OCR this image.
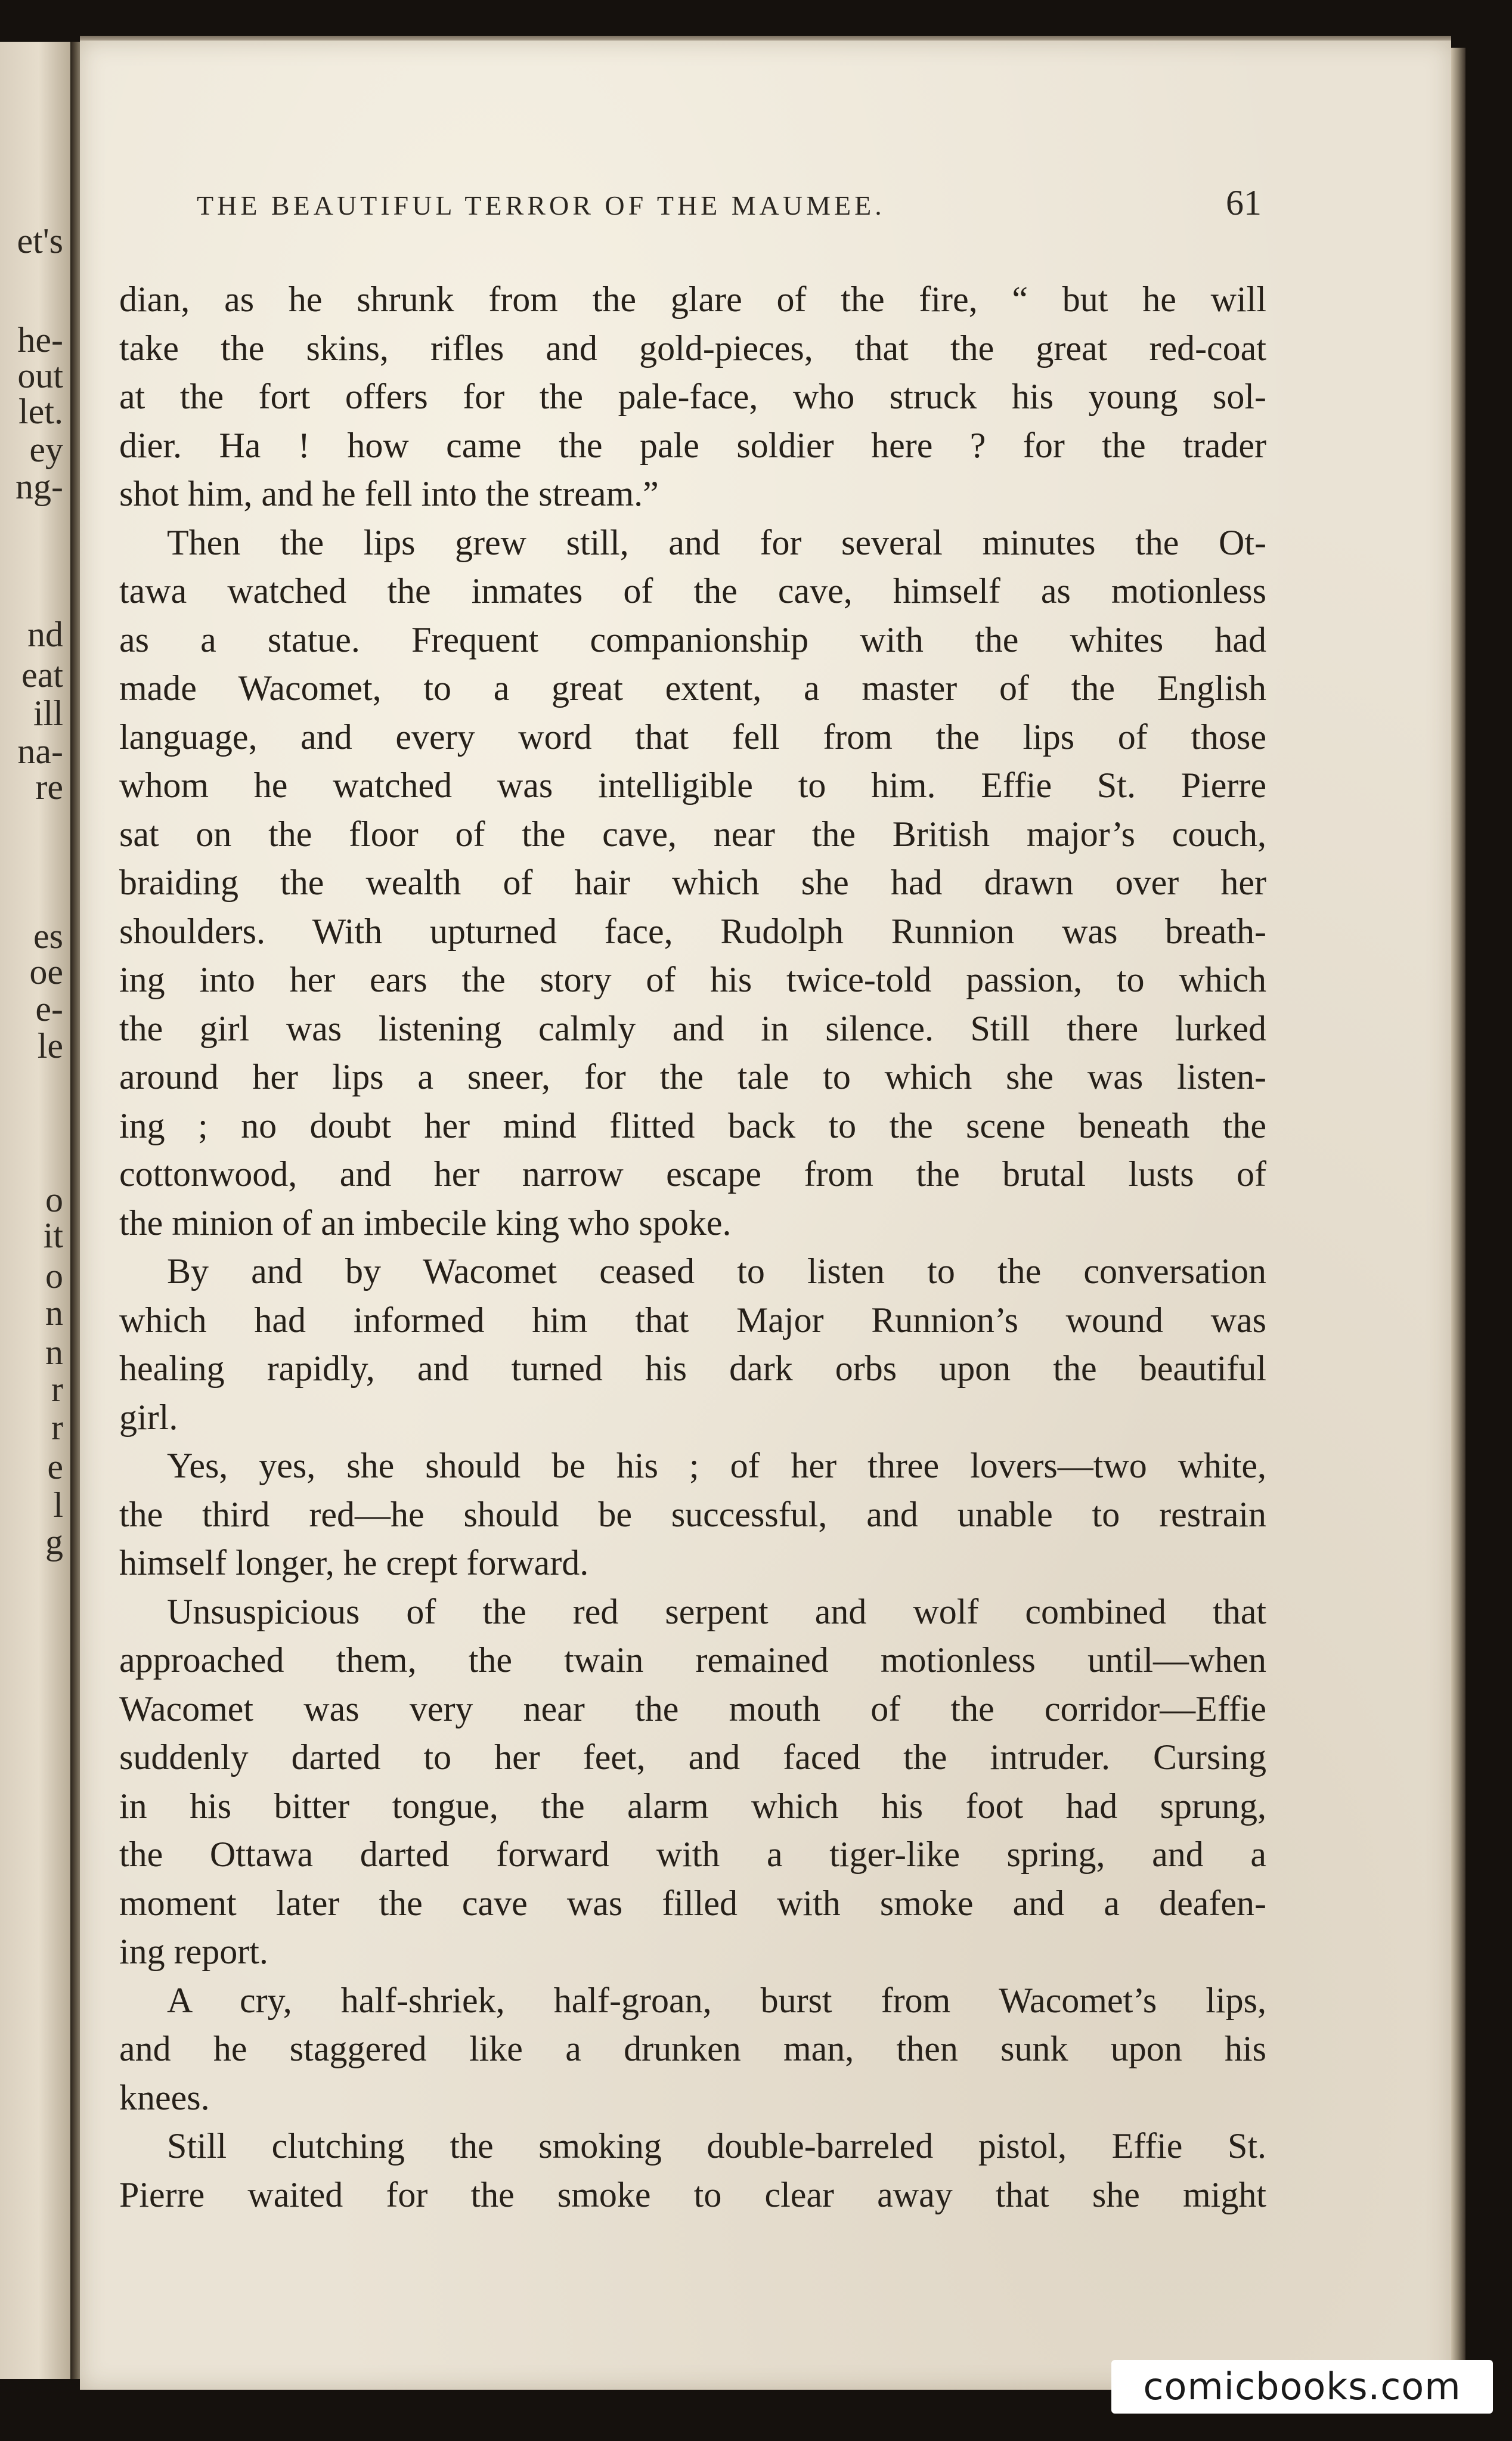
et's
he-
out
let.
ey
ng-
nd
eat
ill
na-
re
es
oe
e-
le
o
it
o
n
n
r
r
e
l
g
THE BEAUTIFUL TERROR OF THE MAUMEE.	61
dian, as he shrunk from the glare of the fire, “ but he will
take the skins, rifles and gold-pieces, that the great red-coat
at the fort offers for the pale-face, who struck his young sol-
dier. Ha ! how came the pale soldier here ? for the trader
shot him, and he fell into the stream.”
Then the lips grew still, and for several minutes the Ot-
tawa watched the inmates of the cave, himself as motionless
as a statue. Frequent companionship with the whites had
made Wacomet, to a great extent, a master of the English
language, and every word that fell from the lips of those
whom he watched was intelligible to him. Effie St. Pierre
sat on the floor of the cave, near the British major’s couch,
braiding the wealth of hair which she had drawn over her
shoulders. With upturned face, Rudolph Runnion was breath-
ing into her ears the story of his twice-told passion, to which
the girl was listening calmly and in silence. Still there lurked
around her lips a sneer, for the tale to which she was listen-
ing ; no doubt her mind flitted back to the scene beneath the
cottonwood, and her narrow escape from the brutal lusts of
the minion of an imbecile king who spoke.
By and by Wacomet ceased to listen to the conversation
which had informed him that Major Runnion’s wound was
healing rapidly, and turned his dark orbs upon the beautiful
girl.
Yes, yes, she should be his ; of her three lovers—two white,
the third red—he should be successful, and unable to restrain
himself longer, he crept forward.
Unsuspicious of the red serpent and wolf combined that
approached them, the twain remained motionless until—when
Wacomet was very near the mouth of the corridor—Effie
suddenly darted to her feet, and faced the intruder. Cursing
in his bitter tongue, the alarm which his foot had sprung,
the Ottawa darted forward with a tiger-like spring, and a
moment later the cave was filled with smoke and a deafen-
ing report.
A cry, half-shriek, half-groan, burst from Wacomet’s lips,
and he staggered like a drunken man, then sunk upon his
knees.
Still clutching the smoking double-barreled pistol, Effie St.
Pierre waited for the smoke to clear away that she might
comicbooks.com
